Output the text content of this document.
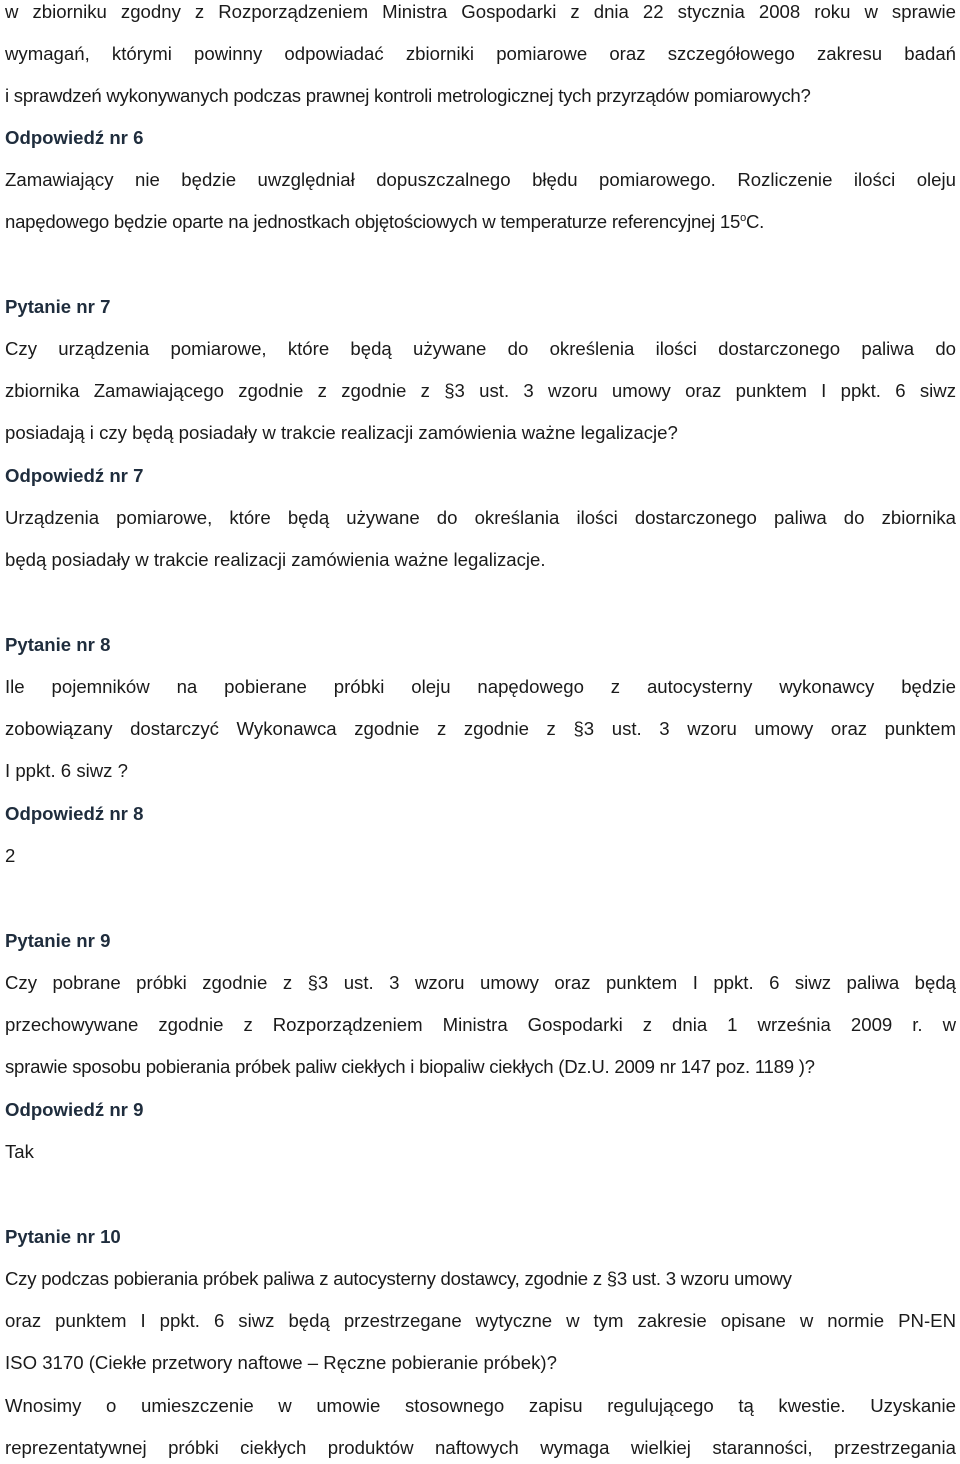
w zbiorniku zgodny z Rozporządzeniem Ministra Gospodarki z dnia 22 stycznia 2008 roku w sprawie
wymagań, którymi powinny odpowiadać zbiorniki pomiarowe oraz szczegółowego zakresu badań
i sprawdzeń wykonywanych podczas prawnej kontroli metrologicznej tych przyrządów pomiarowych?
Odpowiedź nr 6
Zamawiający nie będzie uwzględniał dopuszczalnego błędu pomiarowego. Rozliczenie ilości oleju
napędowego będzie oparte na jednostkach objętościowych w temperaturze referencyjnej 15$^o$C.
Pytanie nr 7
Czy urządzenia pomiarowe, które będą używane do określenia ilości dostarczonego paliwa do
zbiornika Zamawiającego zgodnie z zgodnie z §3 ust. 3 wzoru umowy oraz punktem I ppkt. 6 siwz
posiadają i czy będą posiadały w trakcie realizacji zamówienia ważne legalizacje?
Odpowiedź nr 7
Urządzenia pomiarowe, które będą używane do określania ilości dostarczonego paliwa do zbiornika
będą posiadały w trakcie realizacji zamówienia ważne legalizacje.
Pytanie nr 8
Ile pojemników na pobierane próbki oleju napędowego z autocysterny wykonawcy będzie
zobowiązany dostarczyć Wykonawca zgodnie z zgodnie z §3 ust. 3 wzoru umowy oraz punktem
I ppkt. 6 siwz ?
Odpowiedź nr 8
2
Pytanie nr 9
Czy pobrane próbki zgodnie z §3 ust. 3 wzoru umowy oraz punktem I ppkt. 6 siwz paliwa będą
przechowywane zgodnie z Rozporządzeniem Ministra Gospodarki z dnia 1 września 2009 r. w
sprawie sposobu pobierania próbek paliw ciekłych i biopaliw ciekłych (Dz.U. 2009 nr 147 poz. 1189 )?
Odpowiedź nr 9
Tak
Pytanie nr 10
Czy podczas pobierania próbek paliwa z autocysterny dostawcy, zgodnie z §3 ust. 3 wzoru umowy
oraz punktem I ppkt. 6 siwz będą przestrzegane wytyczne w tym zakresie opisane w normie PN-EN
ISO 3170 (Ciekłe przetwory naftowe – Ręczne pobieranie próbek)?
Wnosimy o umieszczenie w umowie stosownego zapisu regulującego tą kwestie. Uzyskanie
reprezentatywnej próbki ciekłych produktów naftowych wymaga wielkiej staranności, przestrzegania
